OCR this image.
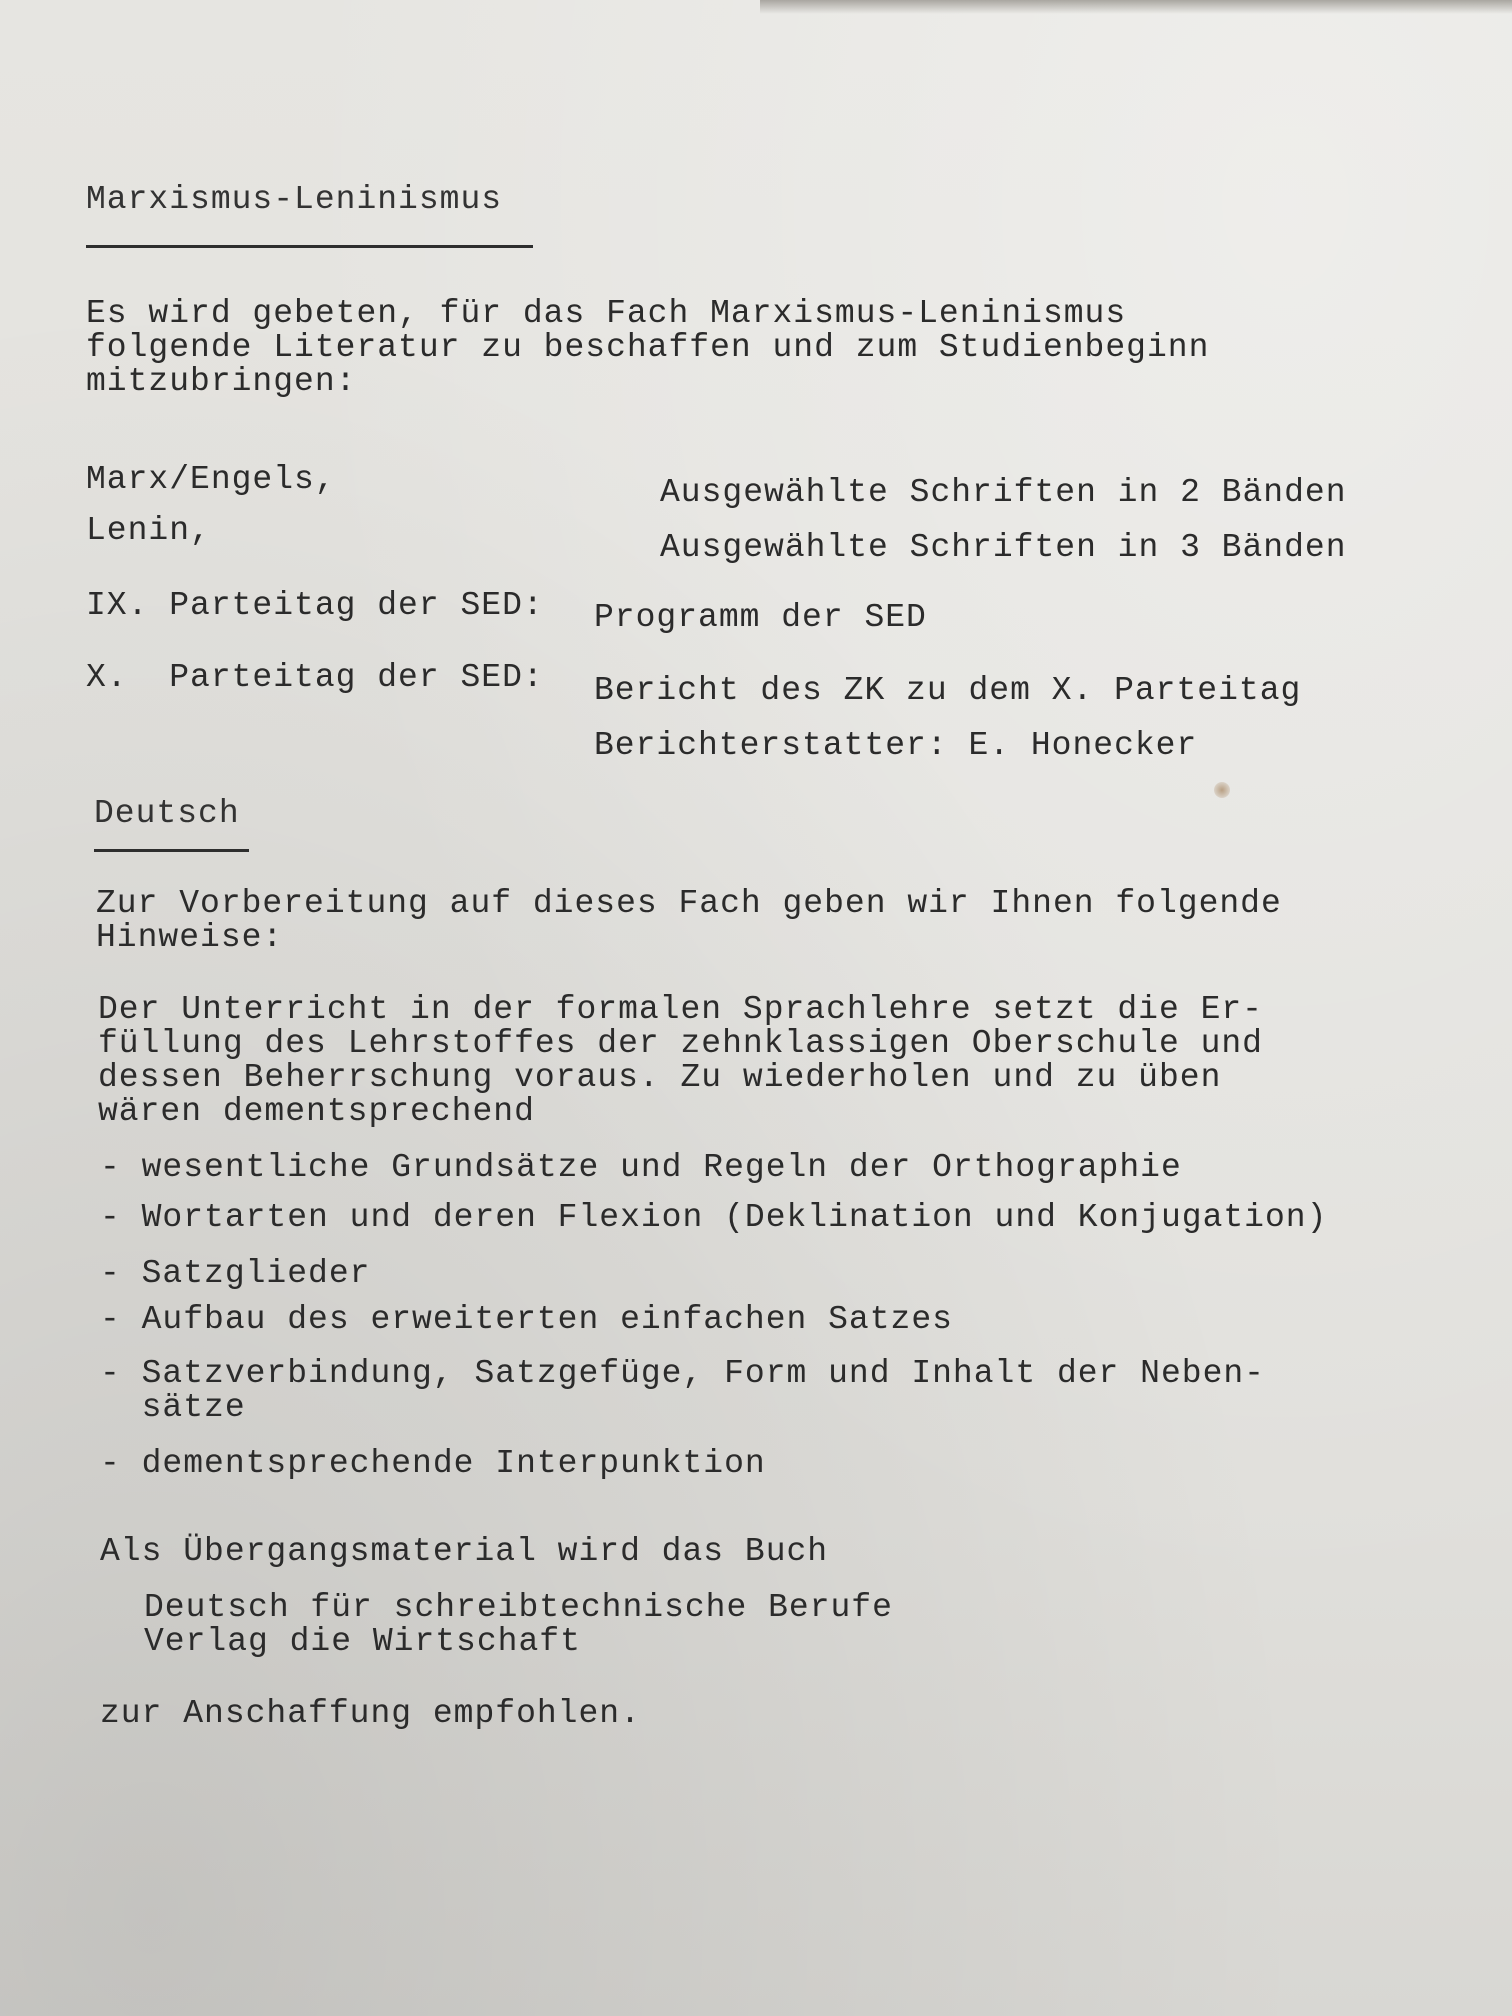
Marxismus-Leninismus

Es wird gebeten, für das Fach Marxismus-Leninismus

folgende Literatur zu beschaffen und zum Studienbeginn

mitzubringen:

Marx/Engels,	Ausgewählte Schriften in 2 Bänden

Lenin,	Ausgewählte Schriften in 3 Bänden

IX. Parteitag der SED: Programm der SED

X.  Parteitag der SED: Bericht des ZK zu dem X. Parteitag

Berichterstatter: E. Honecker

Deutsch

Zur Vorbereitung auf dieses Fach geben wir Ihnen folgende

Hinweise:

Der Unterricht in der formalen Sprachlehre setzt die Er-

füllung des Lehrstoffes der zehnklassigen Oberschule und

dessen Beherrschung voraus. Zu wiederholen und zu üben

wären dementsprechend

- wesentliche Grundsätze und Regeln der Orthographie

- Wortarten und deren Flexion (Deklination und Konjugation)

- Satzglieder

- Aufbau des erweiterten einfachen Satzes

- Satzverbindung, Satzgefüge, Form und Inhalt der Neben-

sätze

- dementsprechende Interpunktion

Als Übergangsmaterial wird das Buch

Deutsch für schreibtechnische Berufe

Verlag die Wirtschaft

zur Anschaffung empfohlen.
